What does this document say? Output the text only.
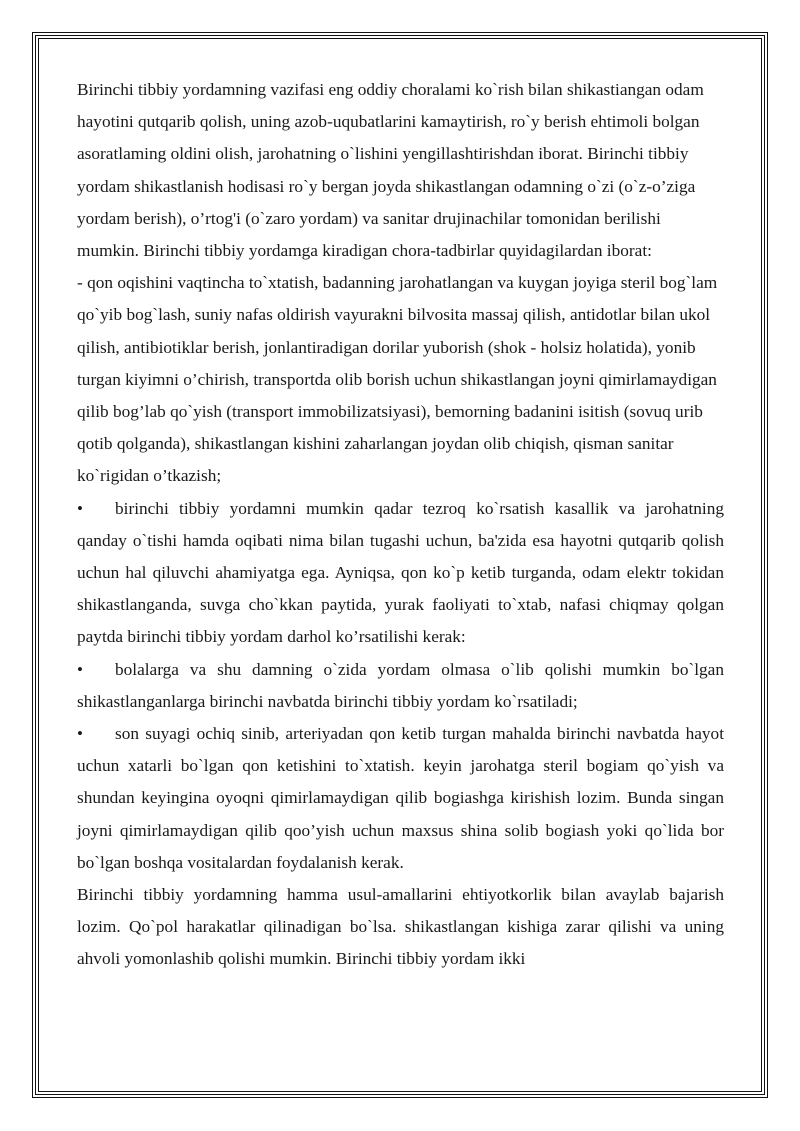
Birinchi tibbiy yordamning vazifasi eng oddiy choralami ko`rish bilan shikastiangan odam hayotini qutqarib qolish, uning azob-uqubatlarini kamaytirish, ro`y berish ehtimoli bolgan asoratlaming oldini olish, jarohatning o`lishini yengillashtirishdan iborat. Birinchi tibbiy yordam shikastlanish hodisasi ro`y bergan joyda shikastlangan odamning o`zi (o`z-o’ziga yordam berish), o’rtog'i (o`zaro yordam) va sanitar drujinachilar tomonidan berilishi mumkin. Birinchi tibbiy yordamga kiradigan chora-tadbirlar quyidagilardan iborat:

- qon oqishini vaqtincha to`xtatish, badanning jarohatlangan va kuygan joyiga steril bog`lam qo`yib bog`lash, suniy nafas oldirish vayurakni bilvosita massaj qilish, antidotlar bilan ukol qilish, antibiotiklar berish, jonlantiradigan dorilar yuborish (shok - holsiz holatida), yonib turgan kiyimni o’chirish, transportda olib borish uchun shikastlangan joyni qimirlamaydigan qilib bog’lab qo`yish (transport immobilizatsiyasi), bemorning badanini isitish (sovuq urib qotib qolganda), shikastlangan kishini zaharlangan joydan olib chiqish, qisman sanitar ko`rigidan o’tkazish;

• birinchi tibbiy yordamni mumkin qadar tezroq ko`rsatish kasallik va jarohatning qanday o`tishi hamda oqibati nima bilan tugashi uchun, ba'zida esa hayotni qutqarib qolish uchun hal qiluvchi ahamiyatga ega. Ayniqsa, qon ko`p ketib turganda, odam elektr tokidan shikastlanganda, suvga cho`kkan paytida, yurak faoliyati to`xtab, nafasi chiqmay qolgan paytda birinchi tibbiy yordam darhol ko’rsatilishi kerak:

• bolalarga va shu damning o`zida yordam olmasa o`lib qolishi mumkin bo`lgan shikastlanganlarga birinchi navbatda birinchi tibbiy yordam ko`rsatiladi;

• son suyagi ochiq sinib, arteriyadan qon ketib turgan mahalda birinchi navbatda hayot uchun xatarli bo`lgan qon ketishini to`xtatish. keyin jarohatga steril bogiam qo`yish va shundan keyingina oyoqni qimirlamaydigan qilib bogiashga kirishish lozim. Bunda singan joyni qimirlamaydigan qilib qoo’yish uchun maxsus shina solib bogiash yoki qo`lida bor bo`lgan boshqa vositalardan foydalanish kerak.

Birinchi tibbiy yordamning hamma usul-amallarini ehtiyotkorlik bilan avaylab bajarish lozim. Qo`pol harakatlar qilinadigan bo`lsa. shikastlangan kishiga zarar qilishi va uning ahvoli yomonlashib qolishi mumkin. Birinchi tibbiy yordam ikki
